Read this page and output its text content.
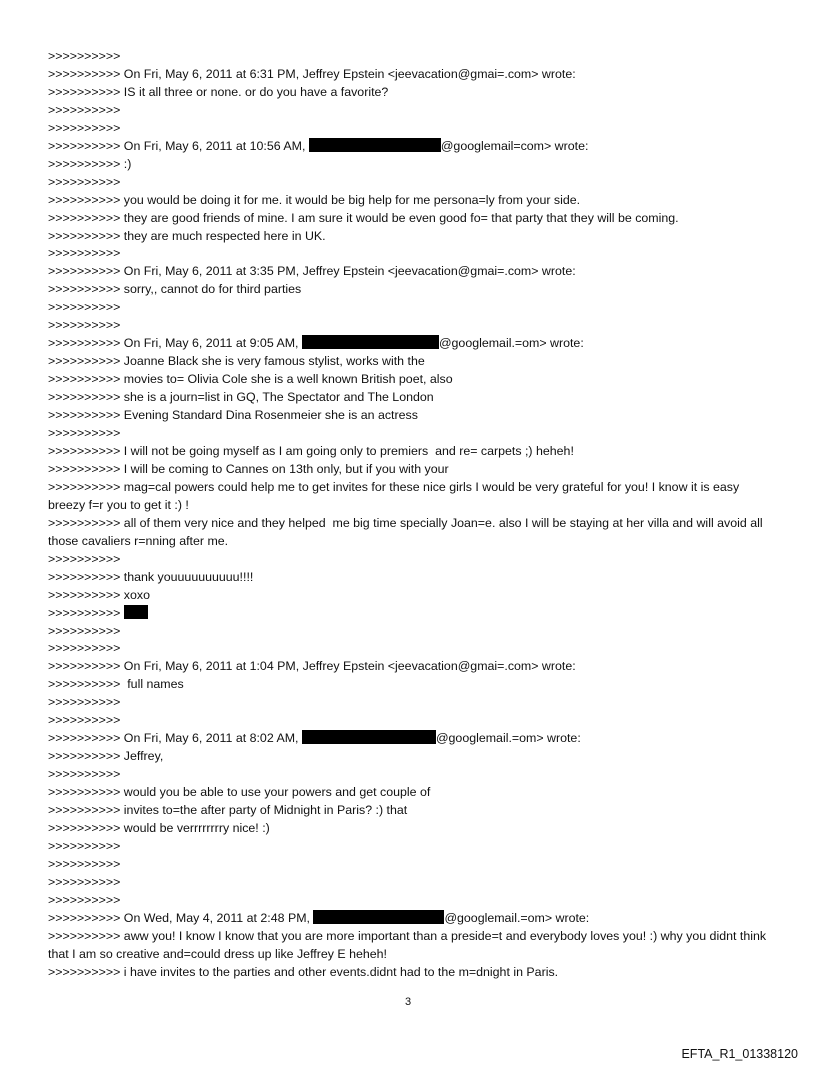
>>>>>>>>>>
>>>>>>>>>> On Fri, May 6, 2011 at 6:31 PM, Jeffrey Epstein <jeevacation@gmai=.com> wrote:
>>>>>>>>>> IS it all three or none. or do you have a favorite?
>>>>>>>>>>
>>>>>>>>>>
>>>>>>>>>> On Fri, May 6, 2011 at 10:56 AM,	@googlemail=com> wrote:
>>>>>>>>>> :)
>>>>>>>>>>
>>>>>>>>>> you would be doing it for me. it would be big help for me persona=ly from your side.
>>>>>>>>>> they are good friends of mine. I am sure it would be even good fo= that party that they will be coming.
>>>>>>>>>> they are much respected here in UK.
>>>>>>>>>>
>>>>>>>>>> On Fri, May 6, 2011 at 3:35 PM, Jeffrey Epstein <jeevacation@gmai=.com> wrote:
>>>>>>>>>> sorry,, cannot do for third parties
>>>>>>>>>>
>>>>>>>>>>
>>>>>>>>>> On Fri, May 6, 2011 at 9:05 AM,	@googlemail.=om> wrote:
>>>>>>>>>> Joanne Black she is very famous stylist, works with the
>>>>>>>>>> movies to= Olivia Cole she is a well known British poet, also
>>>>>>>>>> she is a journ=list in GQ, The Spectator and The London
>>>>>>>>>> Evening Standard Dina Rosenmeier she is an actress
>>>>>>>>>>
>>>>>>>>>> I will not be going myself as I am going only to premiers  and re= carpets ;) heheh!
>>>>>>>>>> I will be coming to Cannes on 13th only, but if you with your
>>>>>>>>>> mag=cal powers could help me to get invites for these nice girls I would be very grateful for you! I know it is easy breezy f=r you to get it :) !
>>>>>>>>>> all of them very nice and they helped  me big time specially Joan=e. also I will be staying at her villa and will avoid all those cavaliers r=nning after me.
>>>>>>>>>>
>>>>>>>>>> thank youuuuuuuuuu!!!!
>>>>>>>>>> xoxo
>>>>>>>>>>
>>>>>>>>>>
>>>>>>>>>>
>>>>>>>>>> On Fri, May 6, 2011 at 1:04 PM, Jeffrey Epstein <jeevacation@gmai=.com> wrote:
>>>>>>>>>>  full names
>>>>>>>>>>
>>>>>>>>>>
>>>>>>>>>> On Fri, May 6, 2011 at 8:02 AM,	@googlemail.=om> wrote:
>>>>>>>>>> Jeffrey,
>>>>>>>>>>
>>>>>>>>>> would you be able to use your powers and get couple of
>>>>>>>>>> invites to=the after party of Midnight in Paris? :) that
>>>>>>>>>> would be verrrrrrrry nice! :)
>>>>>>>>>>
>>>>>>>>>>
>>>>>>>>>>
>>>>>>>>>>
>>>>>>>>>> On Wed, May 4, 2011 at 2:48 PM,	@googlemail.=om> wrote:
>>>>>>>>>> aww you! I know I know that you are more important than a preside=t and everybody loves you! :) why you didnt think that I am so creative and=could dress up like Jeffrey E heheh!
>>>>>>>>>> i have invites to the parties and other events.didnt had to the m=dnight in Paris.
3
EFTA_R1_01338120
